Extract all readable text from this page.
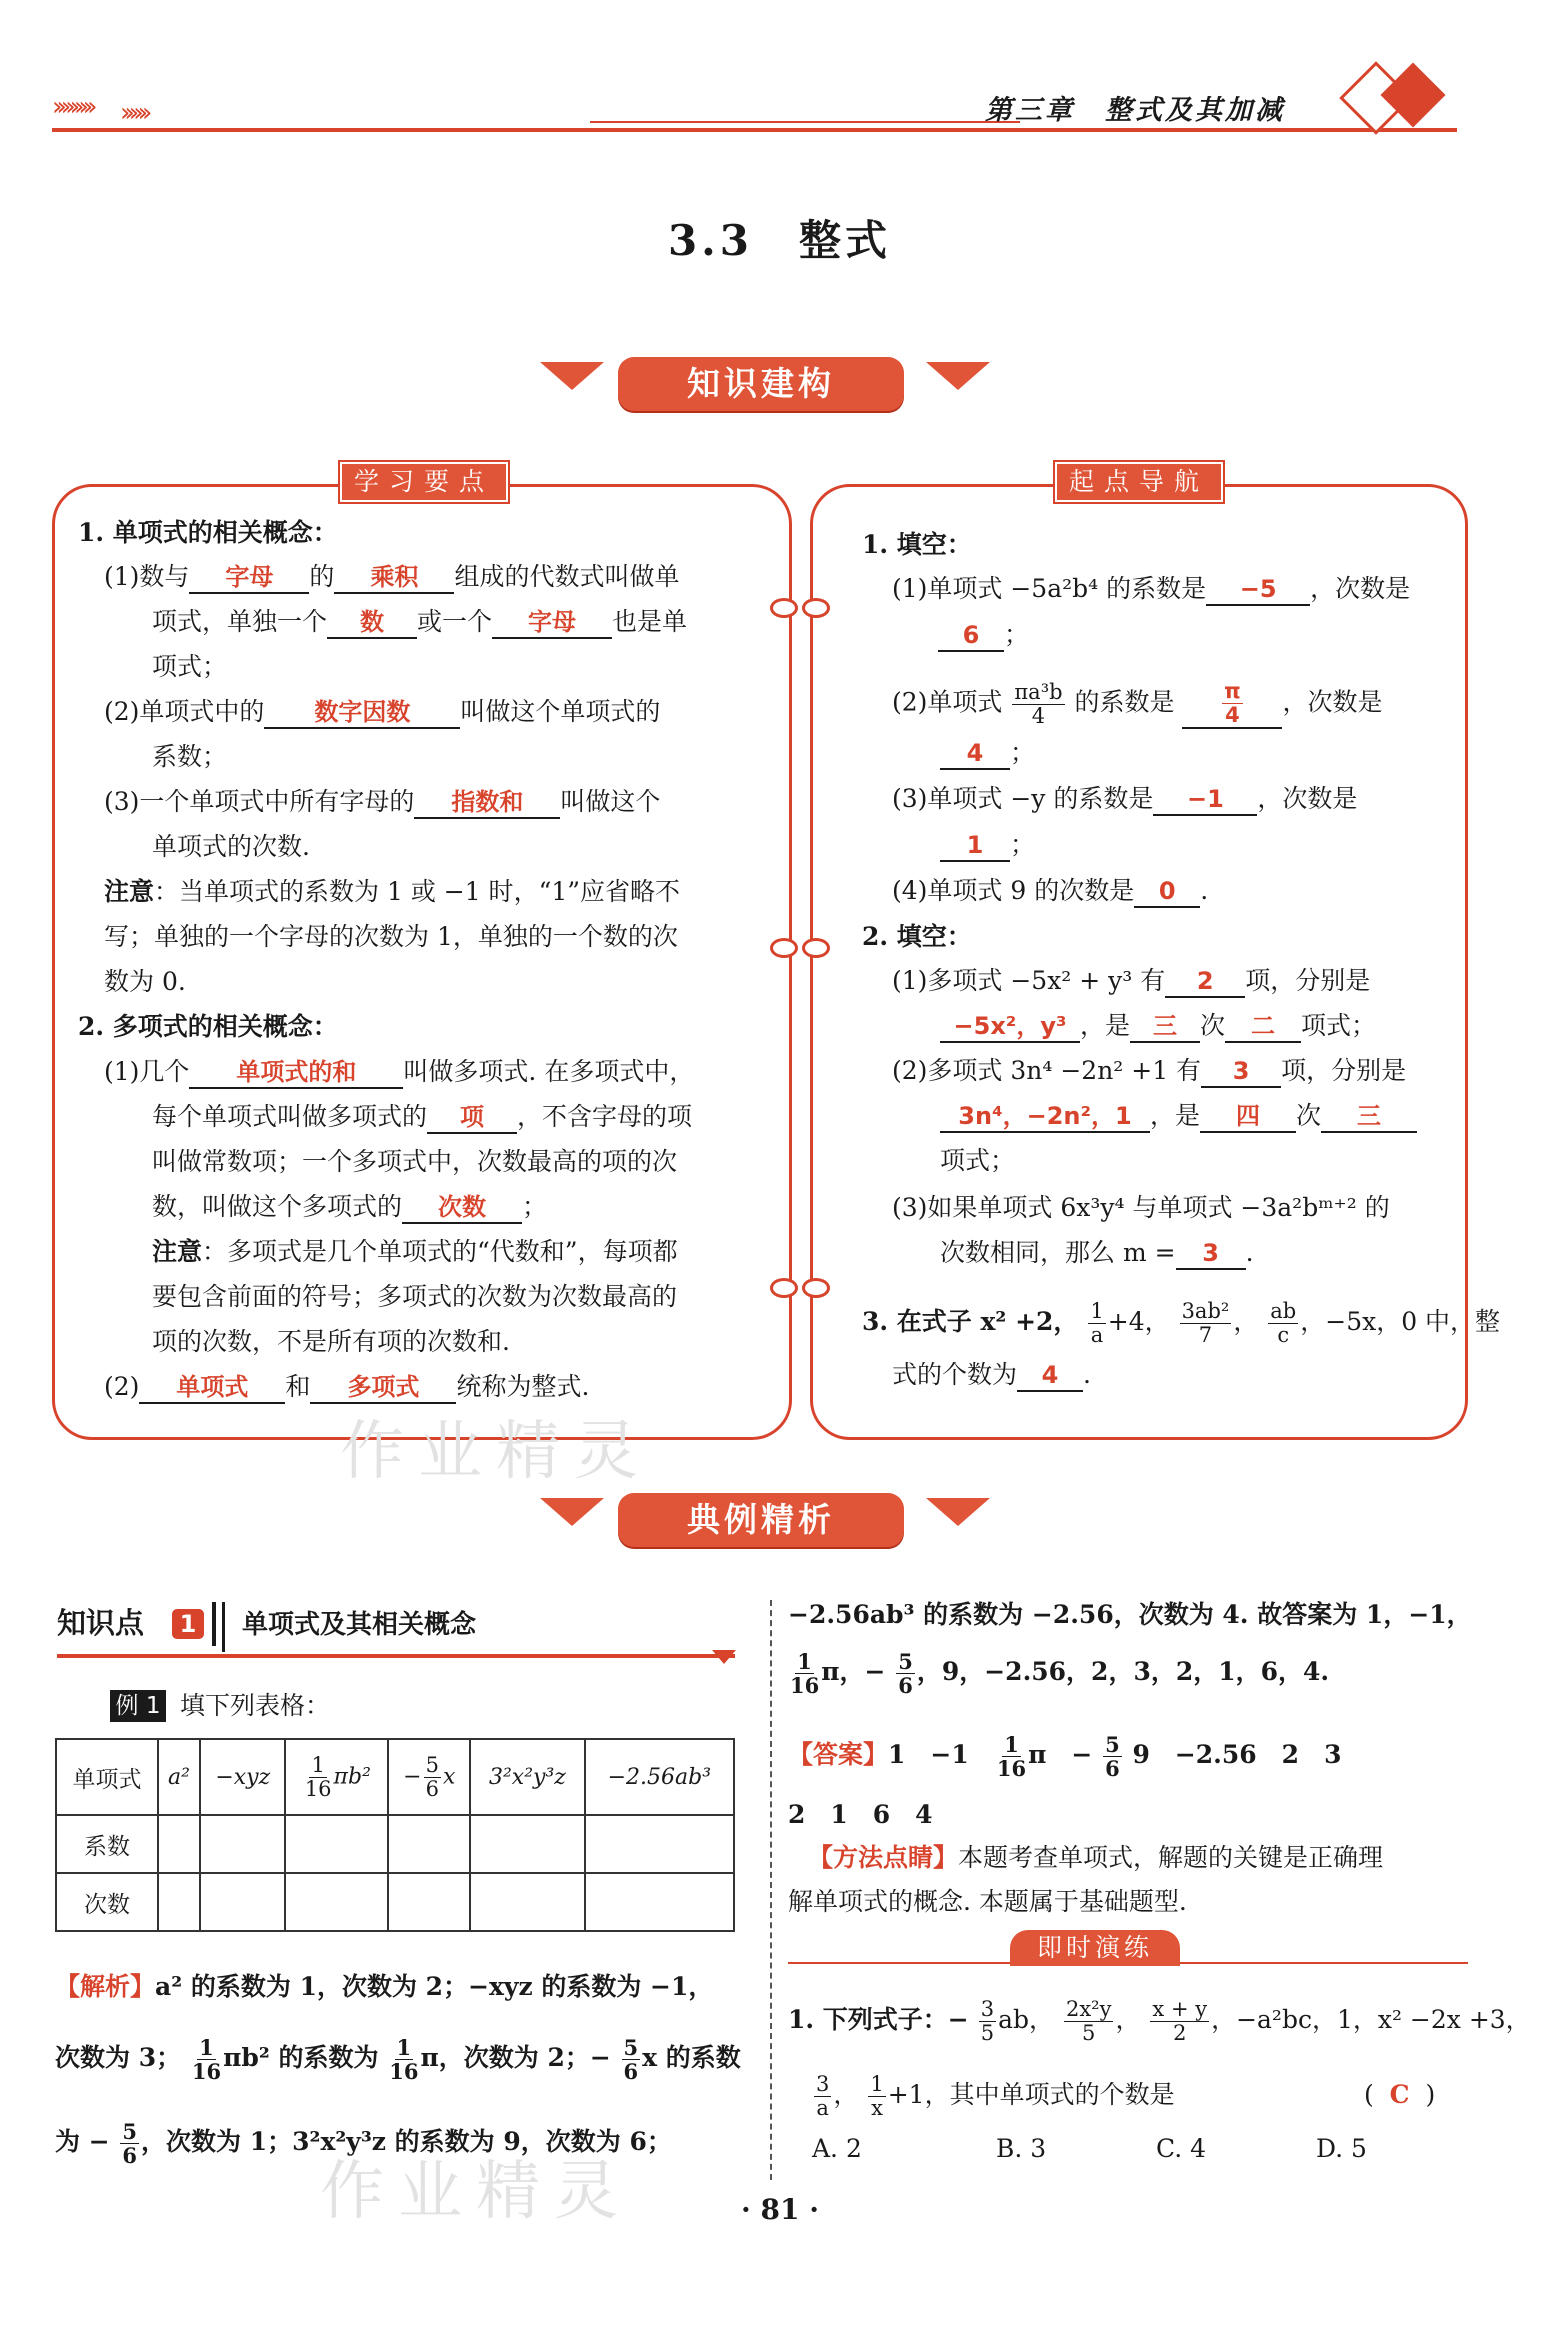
››››››››› ››››››	第三章　整式及其加减
3.3　整式
知识建构
学习要点	起点导航
1. 单项式的相关概念：
(1)数与 字母 的 乘积 组成的代数式叫做单
项式，单独一个 数 或一个 字母 也是单
项式；
(2)单项式中的 数字因数 叫做这个单项式的
系数；
(3)一个单项式中所有字母的 指数和 叫做这个
单项式的次数.
注意：当单项式的系数为 1 或 −1 时，“1”应省略不
写；单独的一个字母的次数为 1，单独的一个数的次
数为 0.
2. 多项式的相关概念：
(1)几个 单项式的和 叫做多项式. 在多项式中，
每个单项式叫做多项式的 项 ，不含字母的项
叫做常数项；一个多项式中，次数最高的项的次
数，叫做这个多项式的 次数 ；
注意：多项式是几个单项式的“代数和”，每项都
要包含前面的符号；多项式的次数为次数最高的
项的次数，不是所有项的次数和.
(2) 单项式 和 多项式 统称为整式.
1. 填空：
(1)单项式 −5a²b⁴ 的系数是 −5 ，次数是
6 ；
(2)单项式 $\frac{\text{πa³b}}{4}$ 的系数是 $\frac{\pi}{4}$ ，次数是
4 ；
(3)单项式 −y 的系数是 −1 ，次数是
1 ；
(4)单项式 9 的次数是 0 .
2. 填空：
(1)多项式 −5x² + y³ 有 2 项，分别是
−5x²，y³ ，是 三 次 二 项式；
(2)多项式 3n⁴ −2n² +1 有 3 项，分别是
3n⁴，−2n²，1 ，是 四 次 三
项式；
(3)如果单项式 6x³y⁴ 与单项式 −3a²bᵐ⁺² 的
次数相同，那么 m = 3 .
3. 在式子 x² +2， $\frac{1}{a} +4$， $\frac{\text{3ab²}}{7}$ ， $\frac{ab}{c}$ ，−5x，0 中，整
式的个数为 4 .
作业精灵
典例精析
知识点	1 单项式及其相关概念
例 1 填下列表格：
单项式	a²	−xyz	$\frac{1}{16} \pi b^2$	− $\frac{5}{6}$ x	3²x²y³z	−2.56ab³
系数						
次数						
【解析】a² 的系数为 1，次数为 2；−xyz 的系数为 −1，
次数为 3； $\frac{1}{16} \pi b^2$ 的系数为 $\frac{1}{16}$ π，次数为 2；− $\frac{5}{6}$ x 的系数
为 − $\frac{5}{6}$ ，次数为 1；3²x²y³z 的系数为 9，次数为 6；
作业精灵
−2.56ab³ 的系数为 −2.56，次数为 4. 故答案为 1，−1，
$\frac{1}{16}$ π，− $\frac{5}{6}$ ，9，−2.56，2，3，2，1，6，4.
【答案】1　$-1 \frac{1}{16}$ π　− $\frac{5}{6} 9$　−2.56　2　3
2　1　6　4
【方法点睛】本题考查单项式，解题的关键是正确理
解单项式的概念. 本题属于基础题型.
即时演练
1. 下列式子：− $\frac{3}{5}$ ab， $\frac{\text{2x²y}}{5}$ ， $\frac{x + y}{2}$ ，−a²bc，1，x² −2x +3，
$\frac{3}{a}$ ， $\frac{1}{x} +1$，其中单项式的个数是	(  C  )
A. 2	B. 3	C. 4	D. 5
· 81 ·
